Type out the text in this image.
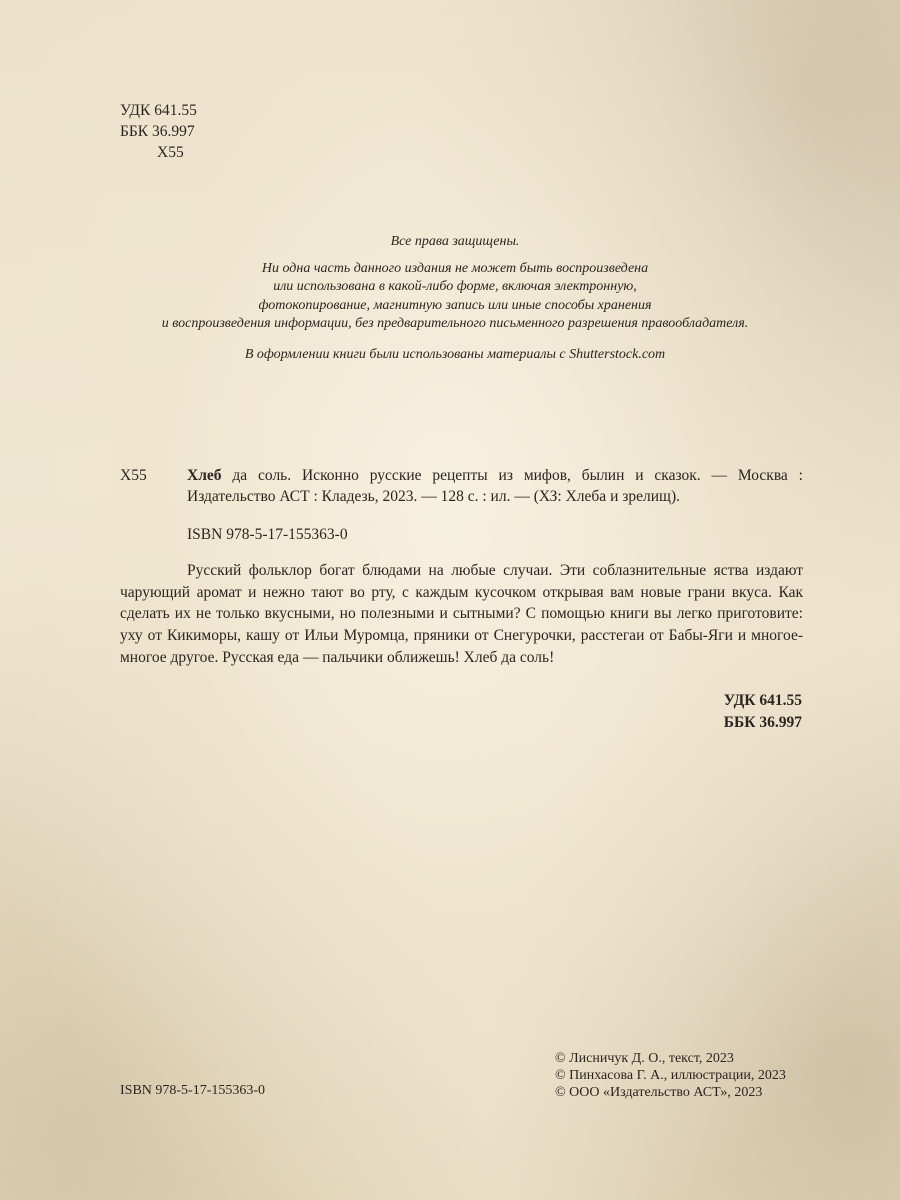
УДК 641.55
ББК 36.997
Х55

Все права защищены.

Ни одна часть данного издания не может быть воспроизведена

или использована в какой-либо форме, включая электронную,

фотокопирование, магнитную запись или иные способы хранения

и воспроизведения информации, без предварительного письменного разрешения правообладателя.

В оформлении книги были использованы материалы с Shutterstock.com

Х55	Хлеб да соль. Исконно русские рецепты из мифов, былин и сказок. — Москва : Издательство АСТ : Кладезь, 2023. — 128 с. : ил. — (ХЗ: Хлеба и зрелищ).
ISBN 978-5-17-155363-0

Русский фольклор богат блюдами на любые случаи. Эти соблазнительные яства издают чарующий аромат и нежно тают во рту, с каждым кусочком открывая вам новые грани вкуса. Как сделать их не только вкусными, но полезными и сытными? С помощью книги вы легко приготовите: уху от Кикиморы, кашу от Ильи Муромца, пряники от Снегурочки, расстегаи от Бабы-Яги и многое-многое другое. Русская еда — пальчики оближешь! Хлеб да соль!

УДК 641.55
ББК 36.997
ISBN 978-5-17-155363-0
© Лисничук Д. О., текст, 2023
© Пинхасова Г. А., иллюстрации, 2023
© ООО «Издательство АСТ», 2023
